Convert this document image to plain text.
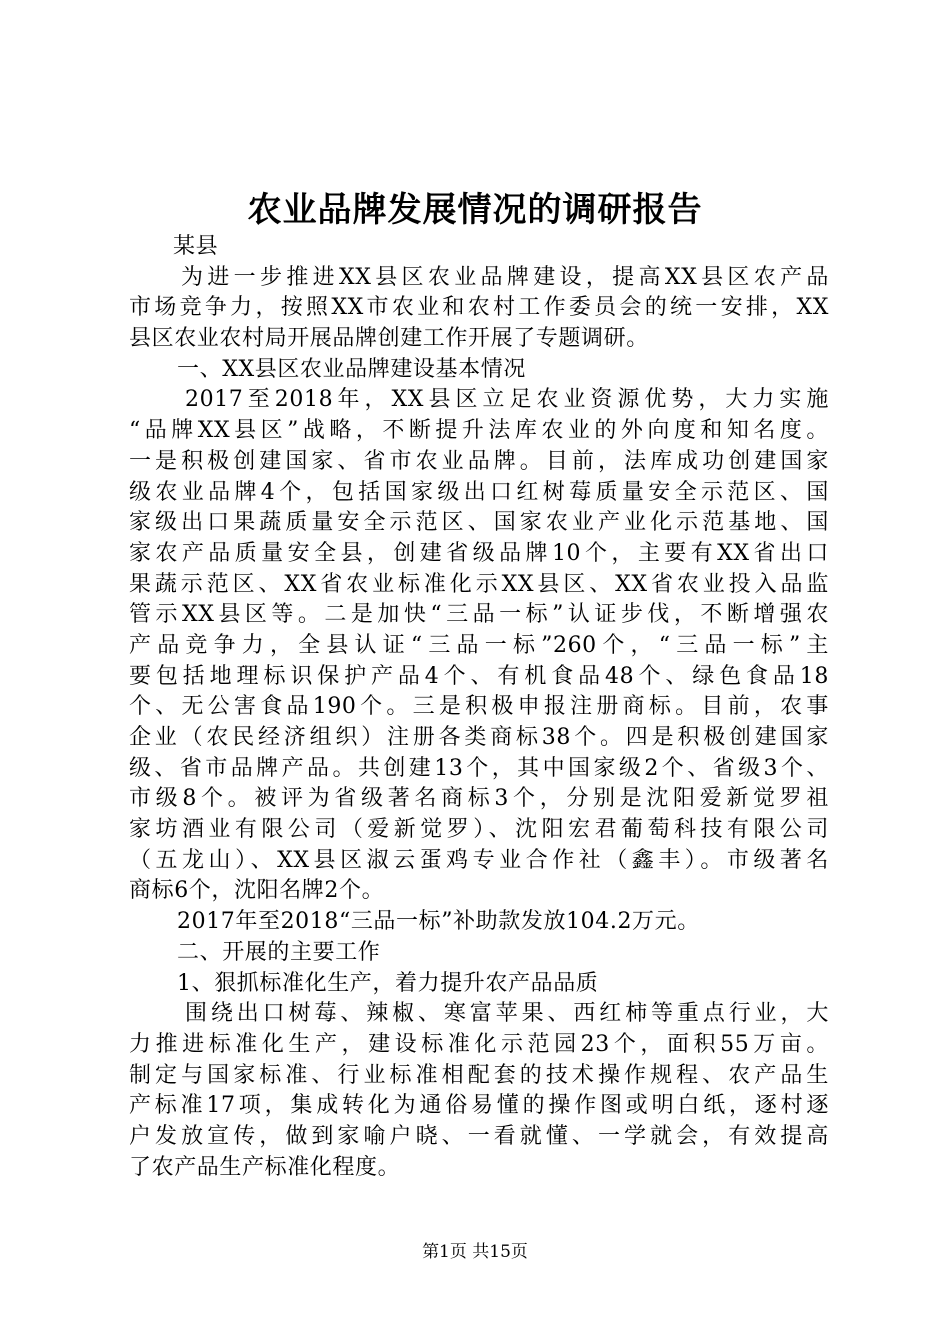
农业品牌发展情况的调研报告
某县
为进一步推进XX县区农业品牌建设，提高XX县区农产品
市场竞争力，按照XX市农业和农村工作委员会的统一安排，XX
县区农业农村局开展品牌创建工作开展了专题调研。
一、XX县区农业品牌建设基本情况
2017至2018年，XX县区立足农业资源优势，大力实施
“品牌XX县区”战略，不断提升法库农业的外向度和知名度。
一是积极创建国家、省市农业品牌。目前，法库成功创建国家
级农业品牌4个，包括国家级出口红树莓质量安全示范区、国
家级出口果蔬质量安全示范区、国家农业产业化示范基地、国
家农产品质量安全县，创建省级品牌10个，主要有XX省出口
果蔬示范区、XX省农业标准化示XX县区、XX省农业投入品监
管示XX县区等。二是加快“三品一标”认证步伐，不断增强农
产品竞争力，全县认证“三品一标”260个，“三品一标”主
要包括地理标识保护产品4个、有机食品48个、绿色食品18
个、无公害食品190个。三是积极申报注册商标。目前，农事
企业（农民经济组织）注册各类商标38个。四是积极创建国家
级、省市品牌产品。共创建13个，其中国家级2个、省级3个、
市级8个。被评为省级著名商标3个，分别是沈阳爱新觉罗祖
家坊酒业有限公司（爱新觉罗）、沈阳宏君葡萄科技有限公司
（五龙山）、XX县区淑云蛋鸡专业合作社（鑫丰）。市级著名
商标6个，沈阳名牌2个。
2017年至2018“三品一标”补助款发放104.2万元。
二、开展的主要工作
1、狠抓标准化生产，着力提升农产品品质
围绕出口树莓、辣椒、寒富苹果、西红柿等重点行业，大
力推进标准化生产，建设标准化示范园23个，面积55万亩。
制定与国家标准、行业标准相配套的技术操作规程、农产品生
产标准17项，集成转化为通俗易懂的操作图或明白纸，逐村逐
户发放宣传，做到家喻户晓、一看就懂、一学就会，有效提高
了农产品生产标准化程度。
第1页 共15页
